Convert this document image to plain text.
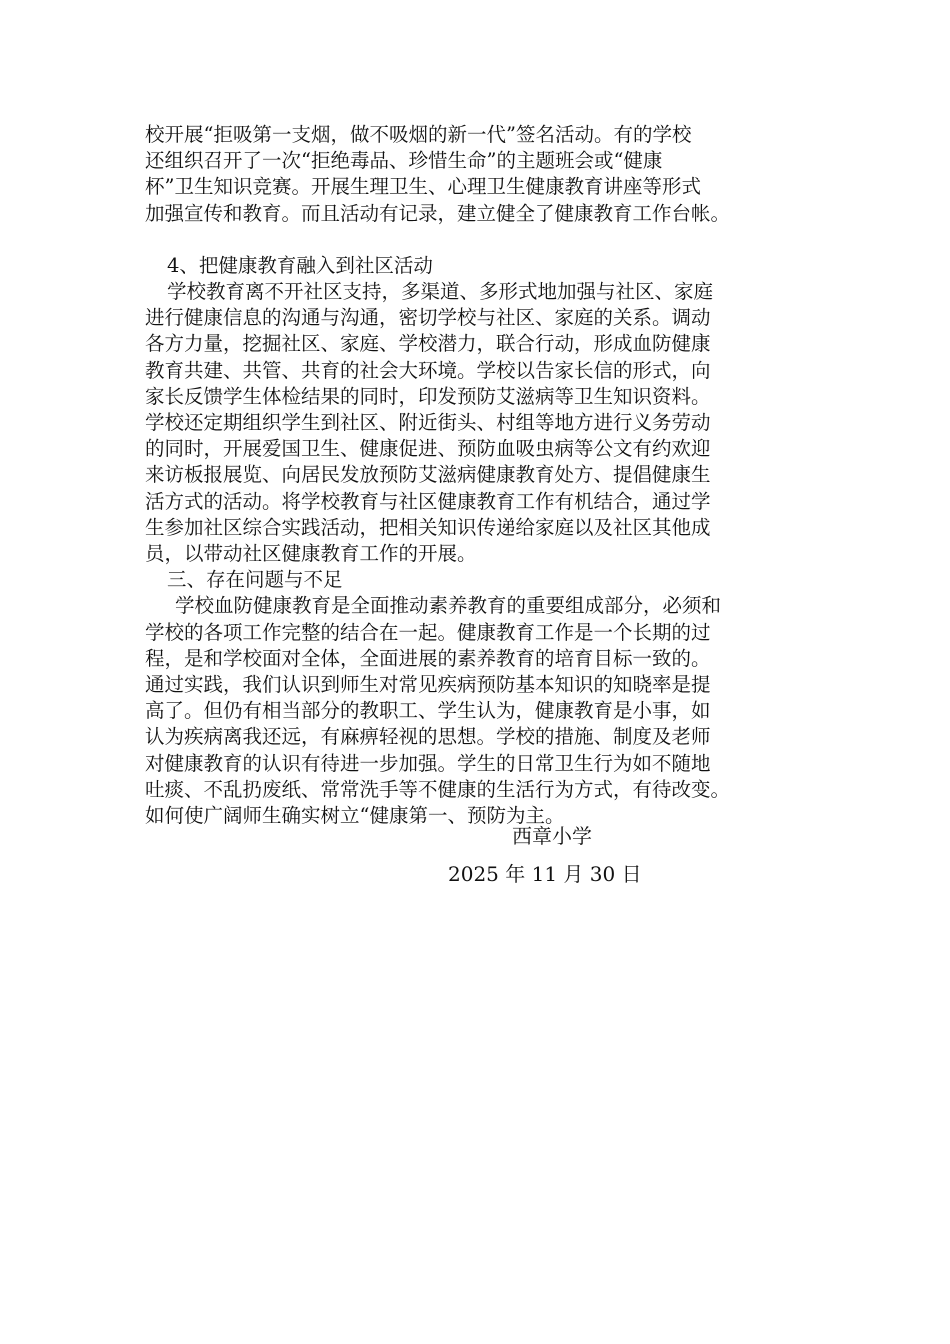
校开展“拒吸第一支烟，做不吸烟的新一代”签名活动。有的学校
还组织召开了一次“拒绝毒品、珍惜生命”的主题班会或“健康
杯”卫生知识竞赛。开展生理卫生、心理卫生健康教育讲座等形式
加强宣传和教育。而且活动有记录，建立健全了健康教育工作台帐。
4、把健康教育融入到社区活动
学校教育离不开社区支持，多渠道、多形式地加强与社区、家庭
进行健康信息的沟通与沟通，密切学校与社区、家庭的关系。调动
各方力量，挖掘社区、家庭、学校潜力，联合行动，形成血防健康
教育共建、共管、共育的社会大环境。学校以告家长信的形式，向
家长反馈学生体检结果的同时，印发预防艾滋病等卫生知识资料。
学校还定期组织学生到社区、附近街头、村组等地方进行义务劳动
的同时，开展爱国卫生、健康促进、预防血吸虫病等公文有约欢迎
来访板报展览、向居民发放预防艾滋病健康教育处方、提倡健康生
活方式的活动。将学校教育与社区健康教育工作有机结合，通过学
生参加社区综合实践活动，把相关知识传递给家庭以及社区其他成
员，以带动社区健康教育工作的开展。
三、存在问题与不足
学校血防健康教育是全面推动素养教育的重要组成部分，必须和
学校的各项工作完整的结合在一起。健康教育工作是一个长期的过
程，是和学校面对全体，全面进展的素养教育的培育目标一致的。
通过实践，我们认识到师生对常见疾病预防基本知识的知晓率是提
高了。但仍有相当部分的教职工、学生认为，健康教育是小事，如
认为疾病离我还远，有麻痹轻视的思想。学校的措施、制度及老师
对健康教育的认识有待进一步加强。学生的日常卫生行为如不随地
吐痰、不乱扔废纸、常常洗手等不健康的生活行为方式，有待改变。
如何使广阔师生确实树立“健康第一、预防为主。
西章小学
2025 年 11 月 30 日
